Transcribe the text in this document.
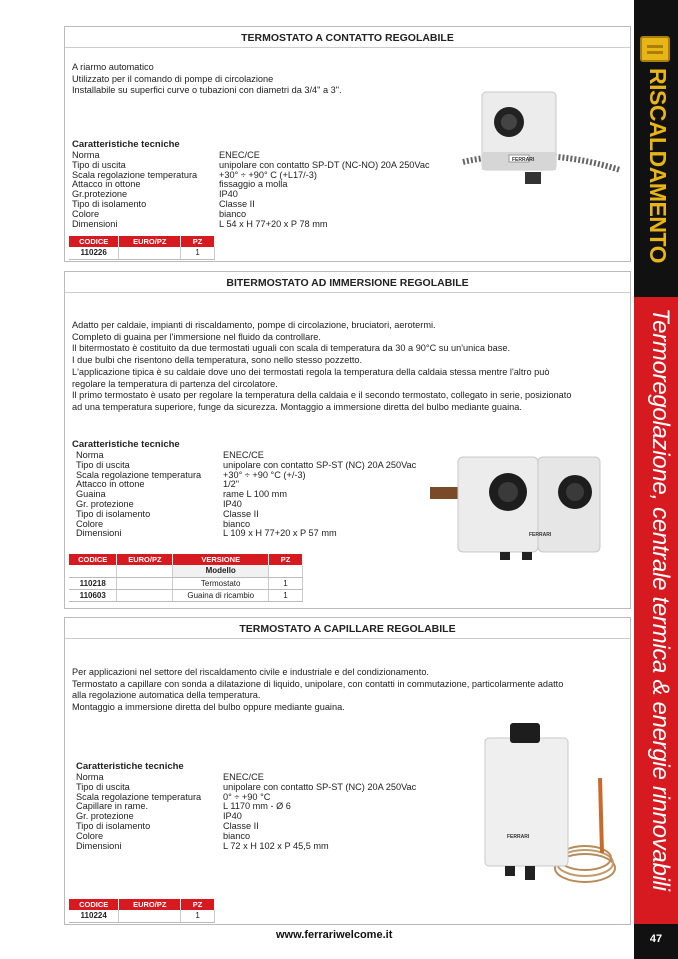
RISCALDAMENTO
Termoregolazione, centrale termica & energie rinnovabili
47
TERMOSTATO A CONTATTO REGOLABILE

A riarmo automatico

Utilizzato per il comando di pompe di circolazione

Installabile su superfici curve o tubazioni con diametri da 3/4" a 3".

Caratteristiche tecniche
Norma	ENEC/CE
Tipo di uscita	unipolare con contatto SP-DT (NC-NO) 20A 250Vac
Scala regolazione temperatura	+30° ÷ +90° C (+L17/-3)
Attacco in ottone	fissaggio a molla
Gr.protezione	IP40
Tipo di isolamento	Classe II
Colore	bianco
Dimensioni	L 54 x H 77+20 x P 78 mm
CODICE	EURO/PZ	PZ
110226		1
FERRARI
BITERMOSTATO AD IMMERSIONE REGOLABILE

Adatto per caldaie, impianti di riscaldamento, pompe di circolazione, bruciatori, aerotermi.

Completo di guaina per l'immersione nel fluido da controllare.

Il bitermostato è costituito da due termostati uguali con scala di temperatura da 30 a 90°C su un'unica base.

I due bulbi che risentono della temperatura, sono nello stesso pozzetto.

L'applicazione tipica è su caldaie dove uno dei termostati regola la temperatura della caldaia stessa mentre l'altro può

regolare la temperatura di partenza del circolatore.

Il primo termostato è usato per regolare la temperatura della caldaia e il secondo termostato, collegato in serie, posizionato

ad una temperatura superiore, funge da sicurezza. Montaggio a immersione diretta del bulbo mediante guaina.

Caratteristiche tecniche
Norma	ENEC/CE
Tipo di uscita	unipolare con contatto SP-ST (NC) 20A 250Vac
Scala regolazione temperatura	+30° ÷ +90 °C (+/-3)
Attacco in ottone	1/2"
Guaina	rame L 100 mm
Gr. protezione	IP40
Tipo di isolamento	Classe II
Colore	bianco
Dimensioni	L 109 x H 77+20 x P 57 mm
CODICE	EURO/PZ	VERSIONE	PZ
		Modello	
110218		Termostato	1
110603		Guaina di ricambio	1
FERRARI
TERMOSTATO A CAPILLARE REGOLABILE

Per applicazioni nel settore del riscaldamento civile e industriale e del condizionamento.

Termostato a capillare con sonda a dilatazione di liquido, unipolare, con contatti in commutazione, particolarmente adatto

alla regolazione automatica della temperatura.

Montaggio a immersione diretta del bulbo oppure mediante guaina.

Caratteristiche tecniche
Norma	ENEC/CE
Tipo di uscita	unipolare con contatto SP-ST (NC) 20A 250Vac
Scala regolazione temperatura	0° ÷ +90 °C
Capillare in rame.	L 1170 mm - Ø 6
Gr. protezione	IP40
Tipo di isolamento	Classe II
Colore	bianco
Dimensioni	L 72 x H 102 x P 45,5 mm
CODICE	EURO/PZ	PZ
110224		1
FERRARI
www.ferrariwelcome.it
